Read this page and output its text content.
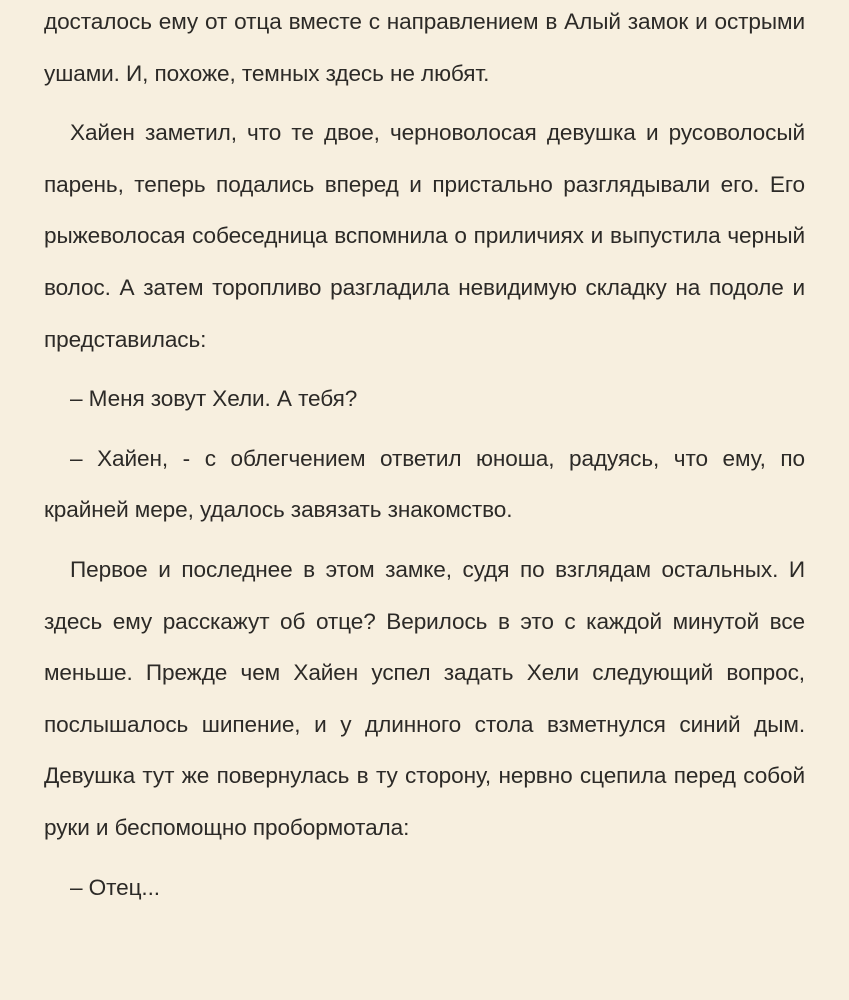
досталось ему от отца вместе с направлением в Алый замок и острыми ушами. И, похоже, темных здесь не любят.

Хайен заметил, что те двое, черноволосая девушка и русоволосый парень, теперь подались вперед и пристально разглядывали его. Его рыжеволосая собеседница вспомнила о приличиях и выпустила черный волос. А затем торопливо разгладила невидимую складку на подоле и представилась:

– Меня зовут Хели. А тебя?

– Хайен, - с облегчением ответил юноша, радуясь, что ему, по крайней мере, удалось завязать знакомство.

Первое и последнее в этом замке, судя по взглядам остальных. И здесь ему расскажут об отце? Верилось в это с каждой минутой все меньше. Прежде чем Хайен успел задать Хели следующий вопрос, послышалось шипение, и у длинного стола взметнулся синий дым. Девушка тут же повернулась в ту сторону, нервно сцепила перед собой руки и беспомощно пробормотала:

– Отец...
